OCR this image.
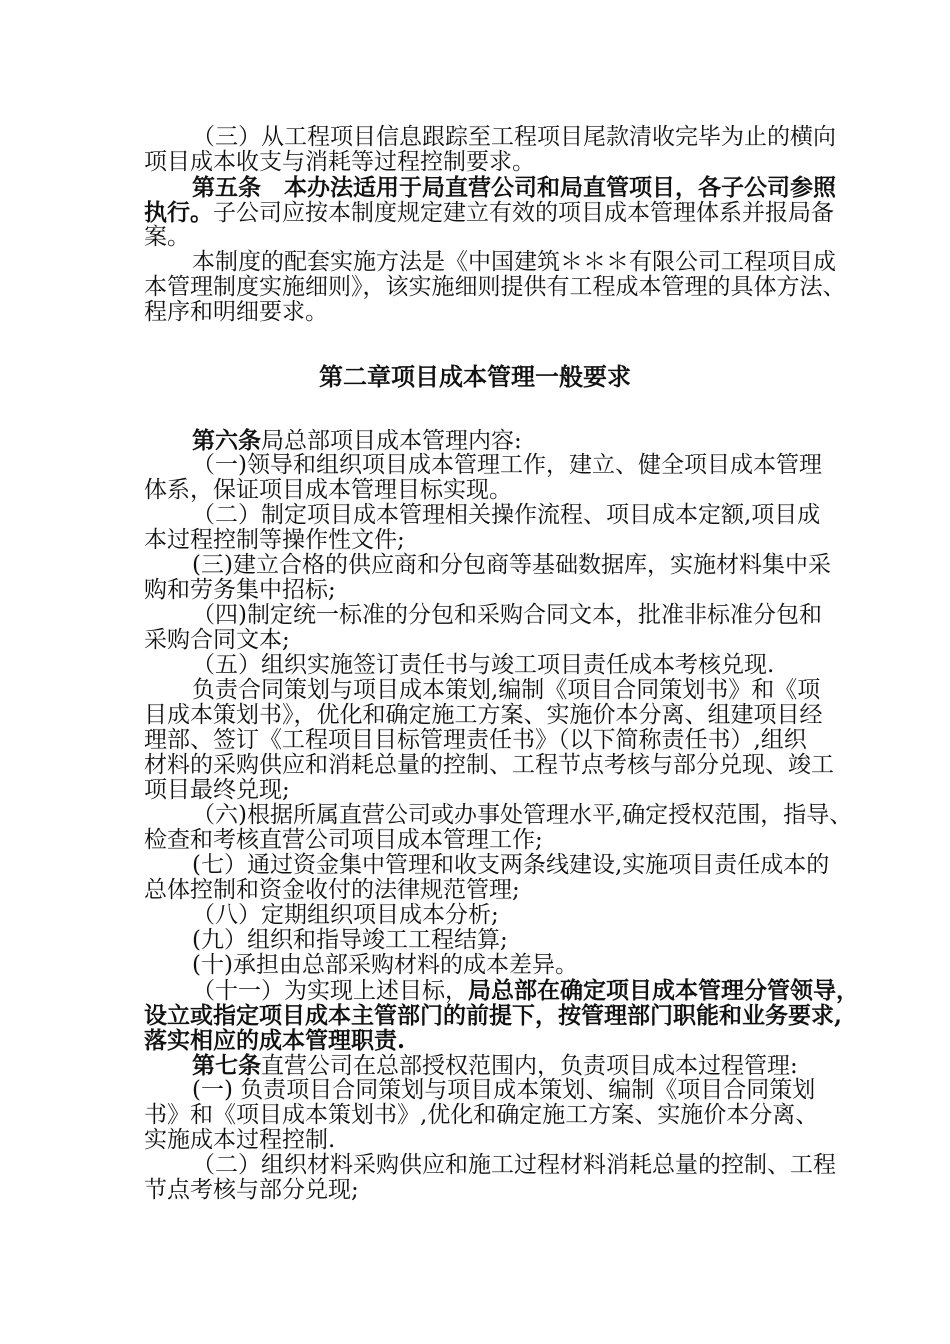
（三）从工程项目信息跟踪至工程项目尾款清收完毕为止的横向
项目成本收支与消耗等过程控制要求。
第五条　本办法适用于局直营公司和局直管项目，各子公司参照
执行。子公司应按本制度规定建立有效的项目成本管理体系并报局备
案。
本制度的配套实施方法是《中国建筑＊＊＊有限公司工程项目成
本管理制度实施细则》，该实施细则提供有工程成本管理的具体方法、
程序和明细要求。
第二章项目成本管理一般要求
第六条局总部项目成本管理内容:
（一)领导和组织项目成本管理工作，建立、健全项目成本管理
体系，保证项目成本管理目标实现。
（二）制定项目成本管理相关操作流程、项目成本定额,项目成
本过程控制等操作性文件;
(三)建立合格的供应商和分包商等基础数据库，实施材料集中采
购和劳务集中招标;
（四)制定统一标准的分包和采购合同文本，批准非标准分包和
采购合同文本;
（五）组织实施签订责任书与竣工项目责任成本考核兑现.
负责合同策划与项目成本策划,编制《项目合同策划书》和《项
目成本策划书》，优化和确定施工方案、实施价本分离、组建项目经
理部、签订《工程项目目标管理责任书》（以下简称责任书）,组织
材料的采购供应和消耗总量的控制、工程节点考核与部分兑现、竣工
项目最终兑现;
（六)根据所属直营公司或办事处管理水平,确定授权范围，指导、
检查和考核直营公司项目成本管理工作;
(七）通过资金集中管理和收支两条线建设,实施项目责任成本的
总体控制和资金收付的法律规范管理;
（八）定期组织项目成本分析;
(九）组织和指导竣工工程结算;
(十)承担由总部采购材料的成本差异。
（十一）为实现上述目标，局总部在确定项目成本管理分管领导，
设立或指定项目成本主管部门的前提下，按管理部门职能和业务要求,
落实相应的成本管理职责.
第七条直营公司在总部授权范围内，负责项目成本过程管理:
(一) 负责项目合同策划与项目成本策划、编制《项目合同策划
书》和《项目成本策划书》,优化和确定施工方案、实施价本分离、
实施成本过程控制.
（二）组织材料采购供应和施工过程材料消耗总量的控制、工程
节点考核与部分兑现;
